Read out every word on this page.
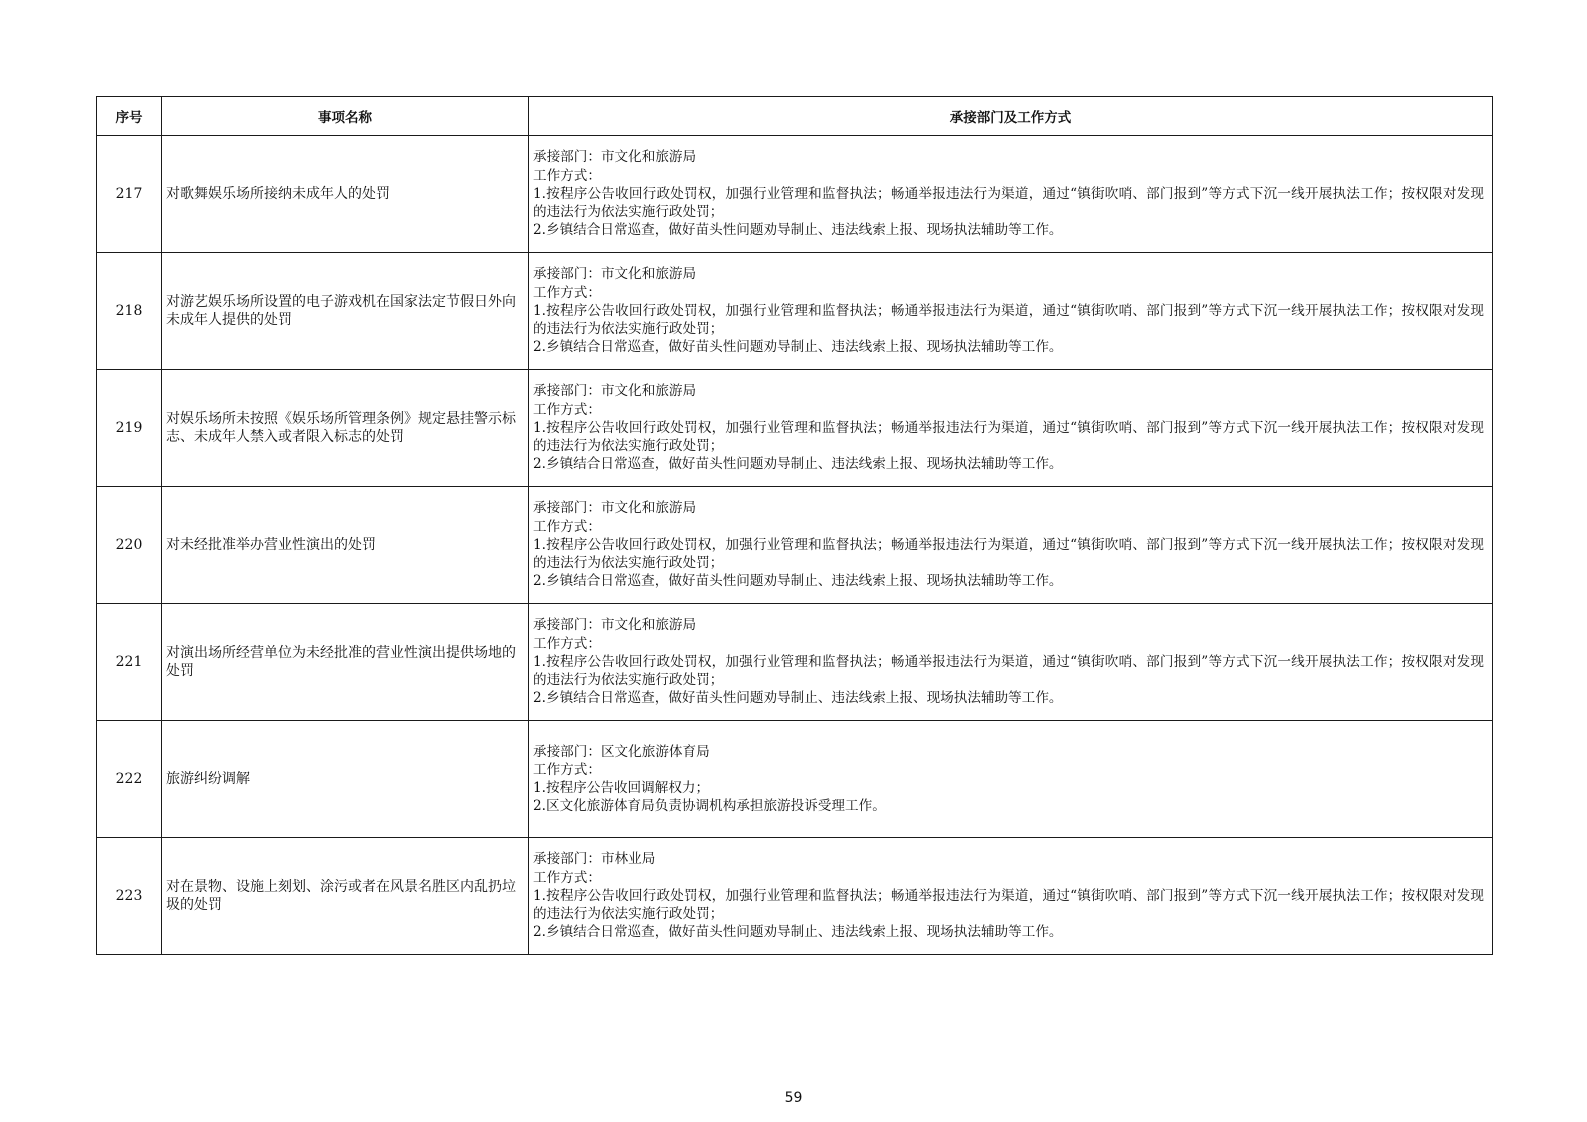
序号	事项名称	承接部门及工作方式
217	对歌舞娱乐场所接纳未成年人的处罚	承接部门：市文化和旅游局
工作方式：
1.按程序公告收回行政处罚权，加强行业管理和监督执法；畅通举报违法行为渠道，通过“镇街吹哨、部门报到”等方式下沉一线开展执法工作；按权限对发现的违法行为依法实施行政处罚；
2.乡镇结合日常巡查，做好苗头性问题劝导制止、违法线索上报、现场执法辅助等工作。

218	对游艺娱乐场所设置的电子游戏机在国家法定节假日外向未成年人提供的处罚	承接部门：市文化和旅游局
工作方式：
1.按程序公告收回行政处罚权，加强行业管理和监督执法；畅通举报违法行为渠道，通过“镇街吹哨、部门报到”等方式下沉一线开展执法工作；按权限对发现的违法行为依法实施行政处罚；
2.乡镇结合日常巡查，做好苗头性问题劝导制止、违法线索上报、现场执法辅助等工作。

219	对娱乐场所未按照《娱乐场所管理条例》规定悬挂警示标志、未成年人禁入或者限入标志的处罚	承接部门：市文化和旅游局
工作方式：
1.按程序公告收回行政处罚权，加强行业管理和监督执法；畅通举报违法行为渠道，通过“镇街吹哨、部门报到”等方式下沉一线开展执法工作；按权限对发现的违法行为依法实施行政处罚；
2.乡镇结合日常巡查，做好苗头性问题劝导制止、违法线索上报、现场执法辅助等工作。

220	对未经批准举办营业性演出的处罚	承接部门：市文化和旅游局
工作方式：
1.按程序公告收回行政处罚权，加强行业管理和监督执法；畅通举报违法行为渠道，通过“镇街吹哨、部门报到”等方式下沉一线开展执法工作；按权限对发现的违法行为依法实施行政处罚；
2.乡镇结合日常巡查，做好苗头性问题劝导制止、违法线索上报、现场执法辅助等工作。

221	对演出场所经营单位为未经批准的营业性演出提供场地的处罚	承接部门：市文化和旅游局
工作方式：
1.按程序公告收回行政处罚权，加强行业管理和监督执法；畅通举报违法行为渠道，通过“镇街吹哨、部门报到”等方式下沉一线开展执法工作；按权限对发现的违法行为依法实施行政处罚；
2.乡镇结合日常巡查，做好苗头性问题劝导制止、违法线索上报、现场执法辅助等工作。

222	旅游纠纷调解	承接部门：区文化旅游体育局
工作方式：
1.按程序公告收回调解权力；
2.区文化旅游体育局负责协调机构承担旅游投诉受理工作。

223	对在景物、设施上刻划、涂污或者在风景名胜区内乱扔垃圾的处罚	承接部门：市林业局
工作方式：
1.按程序公告收回行政处罚权，加强行业管理和监督执法；畅通举报违法行为渠道，通过“镇街吹哨、部门报到”等方式下沉一线开展执法工作；按权限对发现的违法行为依法实施行政处罚；
2.乡镇结合日常巡查，做好苗头性问题劝导制止、违法线索上报、现场执法辅助等工作。
59
